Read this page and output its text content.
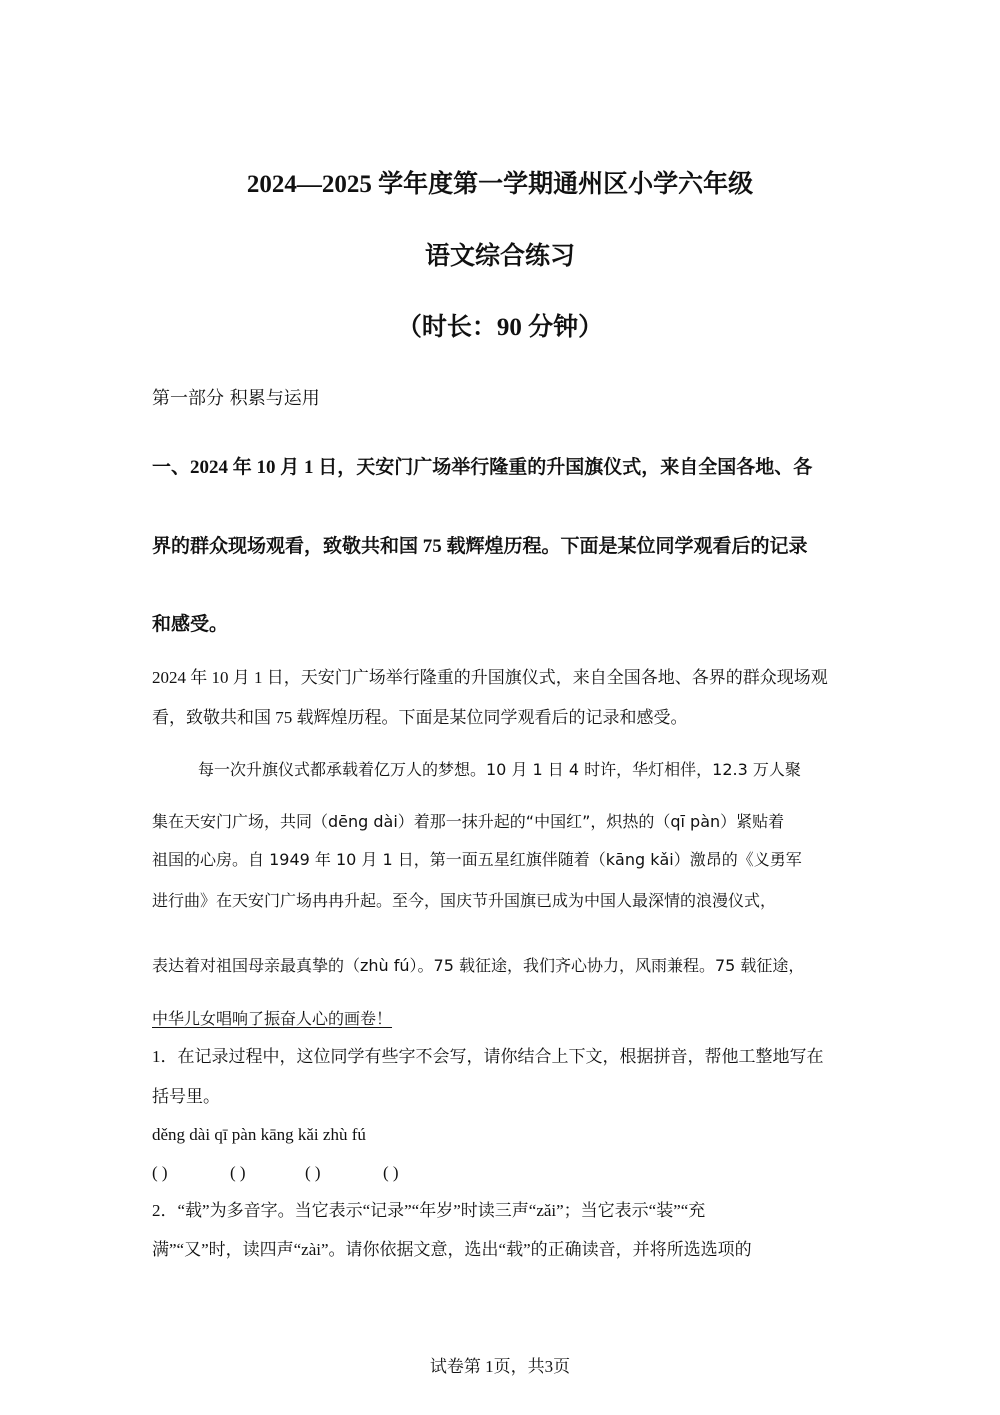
2024—2025 学年度第一学期通州区小学六年级
语文综合练习
（时长：90 分钟）
第一部分 积累与运用
一、2024 年 10 月 1 日，天安门广场举行隆重的升国旗仪式，来自全国各地、各
界的群众现场观看，致敬共和国 75 载辉煌历程。下面是某位同学观看后的记录
和感受。
2024 年 10 月 1 日，天安门广场举行隆重的升国旗仪式，来自全国各地、各界的群众现场观
看，致敬共和国 75 载辉煌历程。下面是某位同学观看后的记录和感受。
每一次升旗仪式都承载着亿万人的梦想。10 月 1 日 4 时许，华灯相伴，12.3 万人聚
集在天安门广场，共同（dēng dài）着那一抹升起的“中国红”，炽热的（qī pàn）紧贴着
祖国的心房。自 1949 年 10 月 1 日，第一面五星红旗伴随着（kāng kǎi）激昂的《义勇军
进行曲》在天安门广场冉冉升起。至今，国庆节升国旗已成为中国人最深情的浪漫仪式，
表达着对祖国母亲最真挚的（zhù fú）。75 载征途，我们齐心协力，风雨兼程。75 载征途，
中华儿女唱响了振奋人心的画卷！
1．在记录过程中，这位同学有些字不会写，请你结合上下文，根据拼音，帮他工整地写在
括号里。
děng dài qī pàn kāng kǎi zhù fú
( )	( )	( )	( )
2．“载”为多音字。当它表示“记录”“年岁”时读三声“zǎi”；当它表示“装”“充
满”“又”时，读四声“zài”。请你依据文意，选出“载”的正确读音，并将所选选项的
试卷第 1页，共3页
